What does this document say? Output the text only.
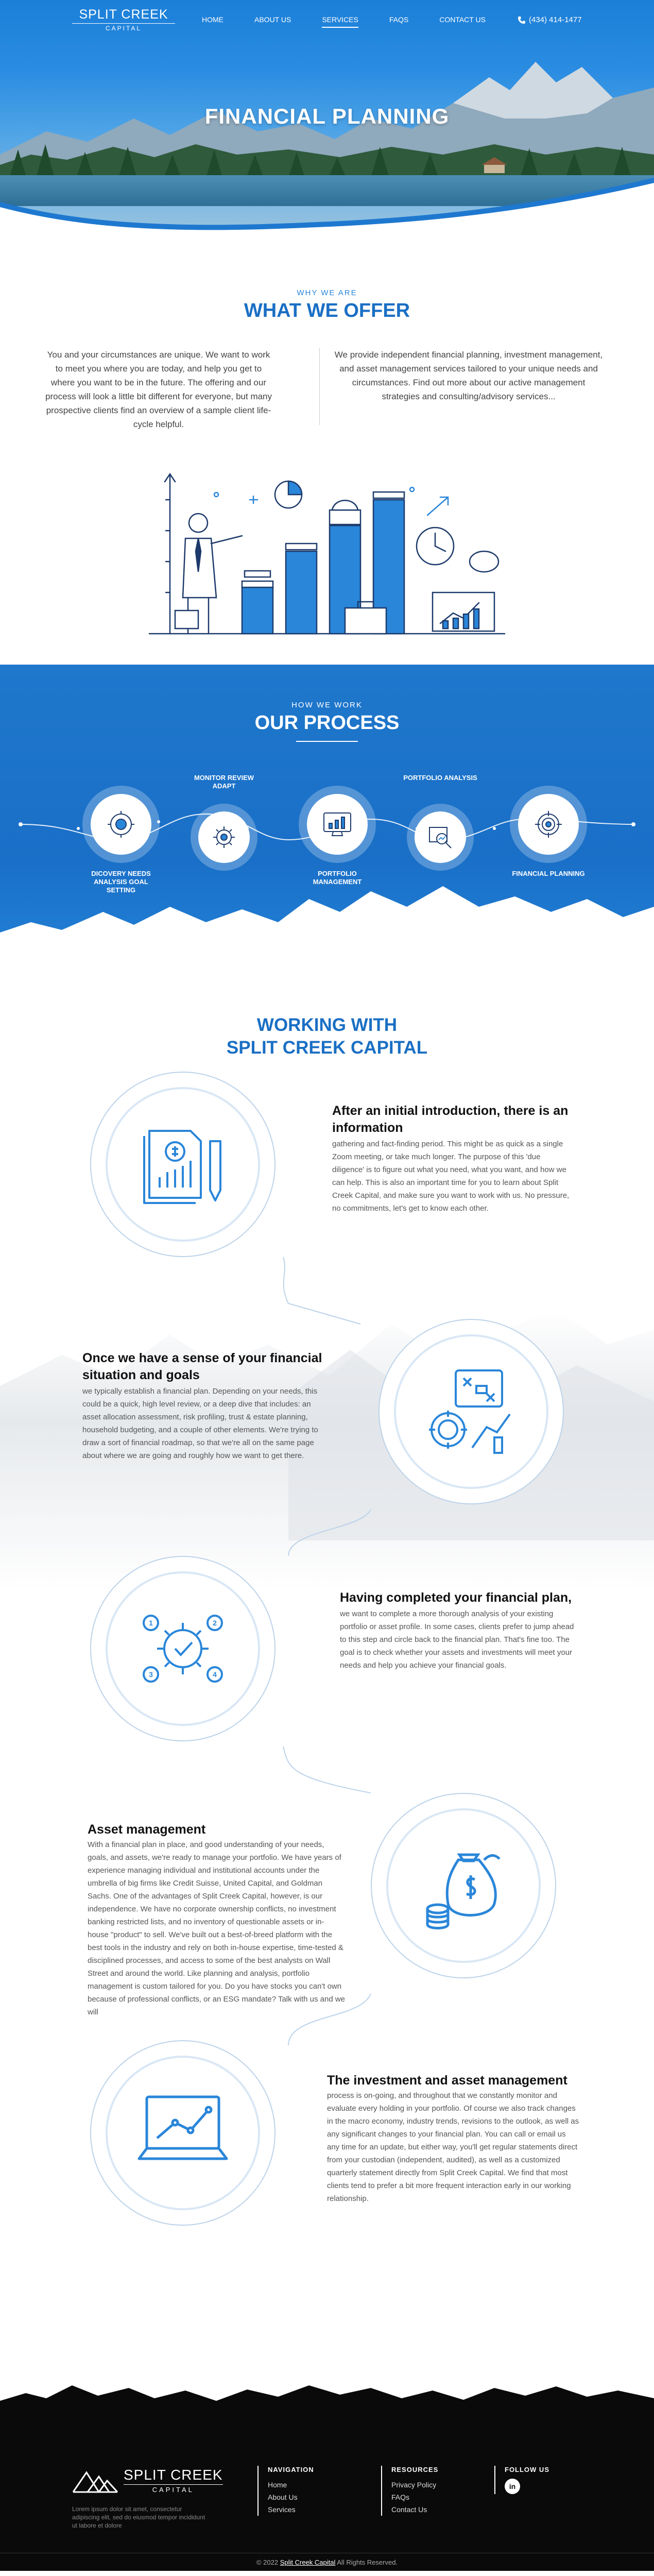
SPLIT CREEK
CAPITAL
HOME	ABOUT US	SERVICES	FAQS	CONTACT US	(434) 414-1477
FINANCIAL PLANNING
WHY WE ARE
WHAT WE OFFER

You and your circumstances are unique. We want to work to meet you where you are today, and help you get to where you want to be in the future. The offering and our process will look a little bit different for everyone, but many prospective clients find an overview of a sample client life-cycle helpful.

We provide independent financial planning, investment management, and asset management services tailored to your unique needs and circumstances. Find out more about our active management strategies and consulting/advisory services...

HOW WE WORK
OUR PROCESS
DICOVERY NEEDS ANALYSIS GOAL SETTING
MONITOR REVIEW ADAPT
PORTFOLIO MANAGEMENT
PORTFOLIO ANALYSIS
FINANCIAL PLANNING
WORKING WITH
SPLIT CREEK CAPITAL
After an initial introduction, there is an information

gathering and fact-finding period. This might be as quick as a single Zoom meeting, or take much longer. The purpose of this 'due diligence' is to figure out what you need, what you want, and how we can help. This is also an important time for you to learn about Split Creek Capital, and make sure you want to work with us. No pressure, no commitments, let's get to know each other.

Once we have a sense of your financial situation and goals

we typically establish a financial plan. Depending on your needs, this could be a quick, high level review, or a deep dive that includes: an asset allocation assessment, risk profiling, trust & estate planning, household budgeting, and a couple of other elements. We're trying to draw a sort of financial roadmap, so that we're all on the same page about where we are going and roughly how we want to get there.

1	2
3	4
Having completed your financial plan,

we want to complete a more thorough analysis of your existing portfolio or asset profile. In some cases, clients prefer to jump ahead to this step and circle back to the financial plan. That's fine too. The goal is to check whether your assets and investments will meet your needs and help you achieve your financial goals.

Asset management

With a financial plan in place, and good understanding of your needs, goals, and assets, we're ready to manage your portfolio. We have years of experience managing individual and institutional accounts under the umbrella of big firms like Credit Suisse, United Capital, and Goldman Sachs. One of the advantages of Split Creek Capital, however, is our independence. We have no corporate ownership conflicts, no investment banking restricted lists, and no inventory of questionable assets or in-house "product" to sell. We've built out a best-of-breed platform with the best tools in the industry and rely on both in-house expertise, time-tested & disciplined processes, and access to some of the best analysts on Wall Street and around the world. Like planning and analysis, portfolio management is custom tailored for you. Do you have stocks you can't own because of professional conflicts, or an ESG mandate? Talk with us and we will

The investment and asset management

process is on-going, and throughout that we constantly monitor and evaluate every holding in your portfolio. Of course we also track changes in the macro economy, industry trends, revisions to the outlook, as well as any significant changes to your financial plan. You can call or email us any time for an update, but either way, you'll get regular statements direct from your custodian (independent, audited), as well as a customized quarterly statement directly from Split Creek Capital. We find that most clients tend to prefer a bit more frequent interaction early in our working relationship.

SPLIT CREEK
CAPITAL

Lorem ipsum dolor sit amet, consectetur adipiscing elit, sed do eiusmod tempor incididunt ut labore et dolore

NAVIGATION
Home
About Us
Services
RESOURCES
Privacy Policy
FAQs
Contact Us
FOLLOW US
in
© 2022 Split Creek Capital All Rights Reserved.
